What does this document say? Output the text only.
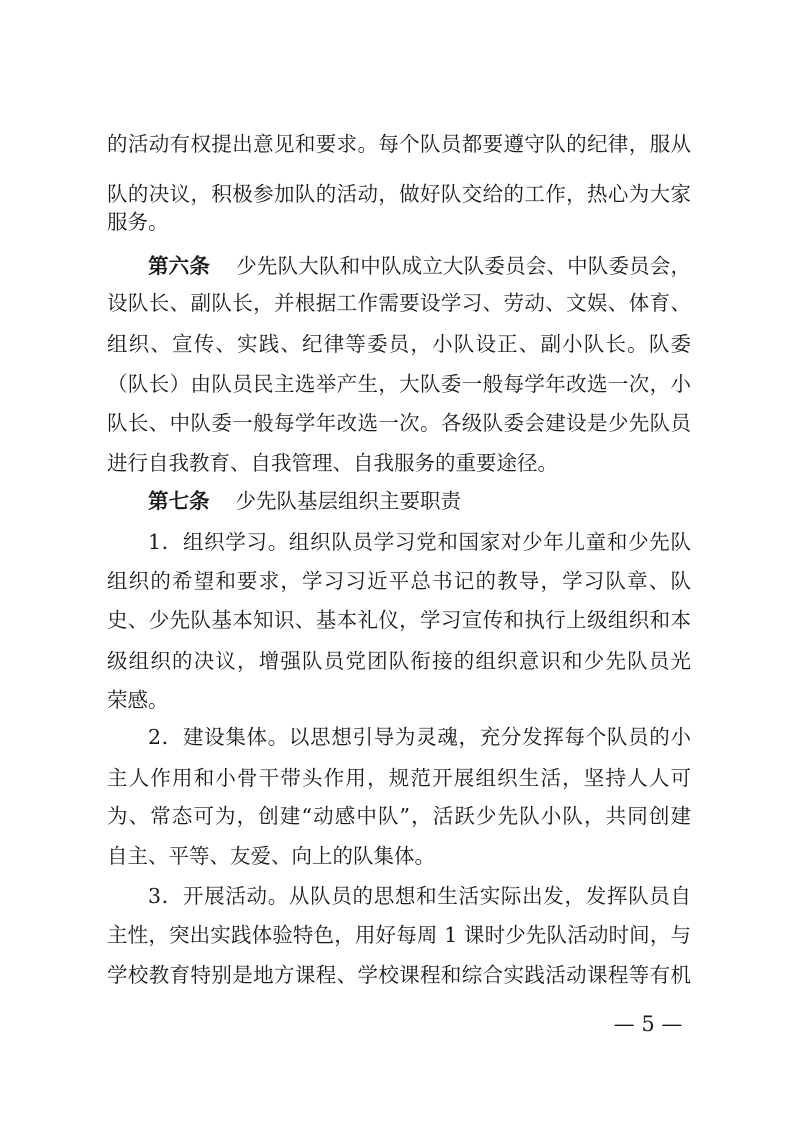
的活动有权提出意见和要求。每个队员都要遵守队的纪律，服从
队的决议，积极参加队的活动，做好队交给的工作，热心为大家
服务。
第六条 少先队大队和中队成立大队委员会、中队委员会，
设队长、副队长，并根据工作需要设学习、劳动、文娱、体育、
组织、宣传、实践、纪律等委员，小队设正、副小队长。队委
（队长）由队员民主选举产生，大队委一般每学年改选一次，小
队长、中队委一般每学年改选一次。各级队委会建设是少先队员
进行自我教育、自我管理、自我服务的重要途径。
第七条 少先队基层组织主要职责
1．组织学习。组织队员学习党和国家对少年儿童和少先队
组织的希望和要求，学习习近平总书记的教导，学习队章、队
史、少先队基本知识、基本礼仪，学习宣传和执行上级组织和本
级组织的决议，增强队员党团队衔接的组织意识和少先队员光
荣感。
2．建设集体。以思想引导为灵魂，充分发挥每个队员的小
主人作用和小骨干带头作用，规范开展组织生活，坚持人人可
为、常态可为，创建“动感中队”，活跃少先队小队，共同创建
自主、平等、友爱、向上的队集体。
3．开展活动。从队员的思想和生活实际出发，发挥队员自
主性，突出实践体验特色，用好每周 1 课时少先队活动时间，与
学校教育特别是地方课程、学校课程和综合实践活动课程等有机
— 5 —
